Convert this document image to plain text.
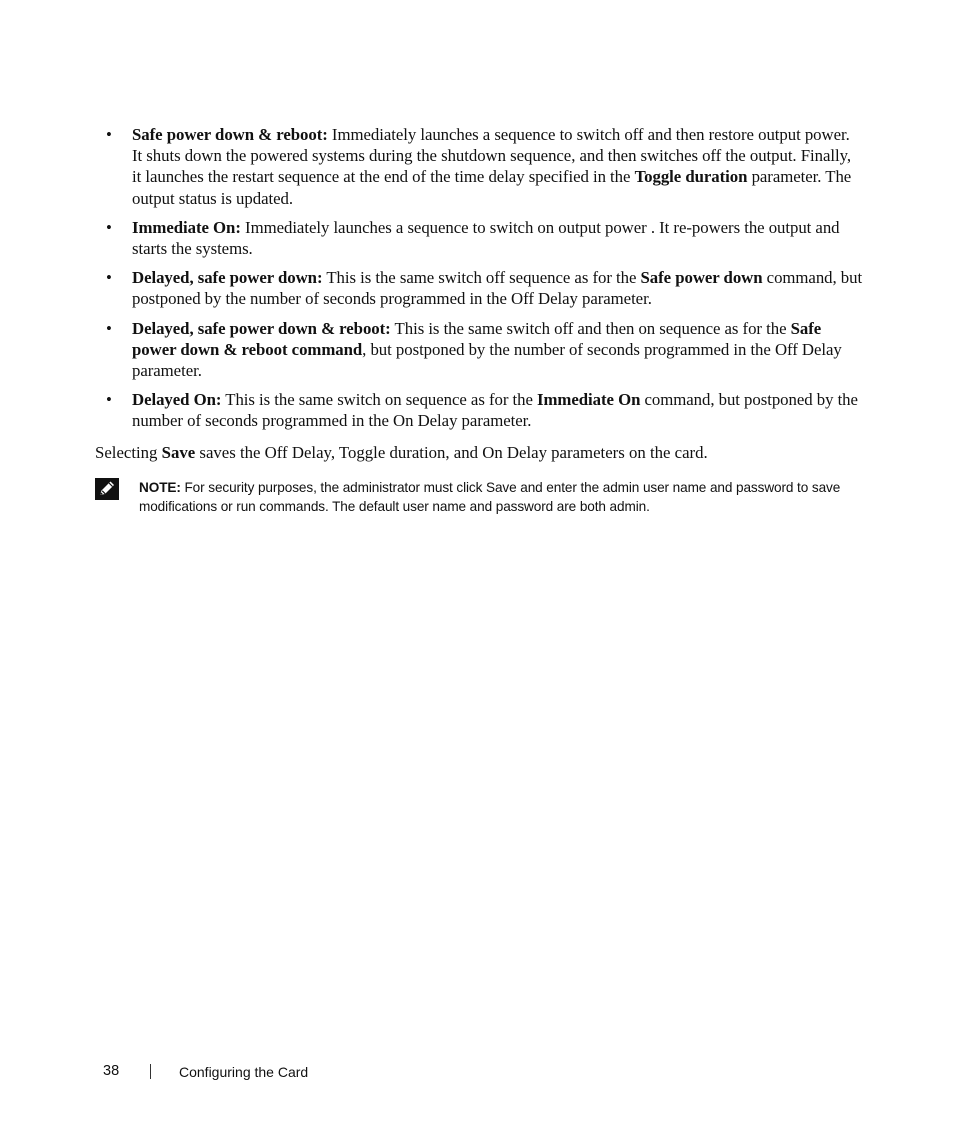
• Safe power down & reboot: Immediately launches a sequence to switch off and then restore output power. It shuts down the powered systems during the shutdown sequence, and then switches off the output. Finally, it launches the restart sequence at the end of the time delay specified in the Toggle duration parameter. The output status is updated.
• Immediate On: Immediately launches a sequence to switch on output power . It re-powers the output and starts the systems.
• Delayed, safe power down: This is the same switch off sequence as for the Safe power down command, but postponed by the number of seconds programmed in the Off Delay parameter.
• Delayed, safe power down & reboot: This is the same switch off and then on sequence as for the Safe power down & reboot command, but postponed by the number of seconds programmed in the Off Delay parameter.
• Delayed On: This is the same switch on sequence as for the Immediate On command, but postponed by the number of seconds programmed in the On Delay parameter.

Selecting Save saves the Off Delay, Toggle duration, and On Delay parameters on the card.

NOTE: For security purposes, the administrator must click Save and enter the admin user name and password to save modifications or run commands. The default user name and password are both admin.
38	Configuring the Card
